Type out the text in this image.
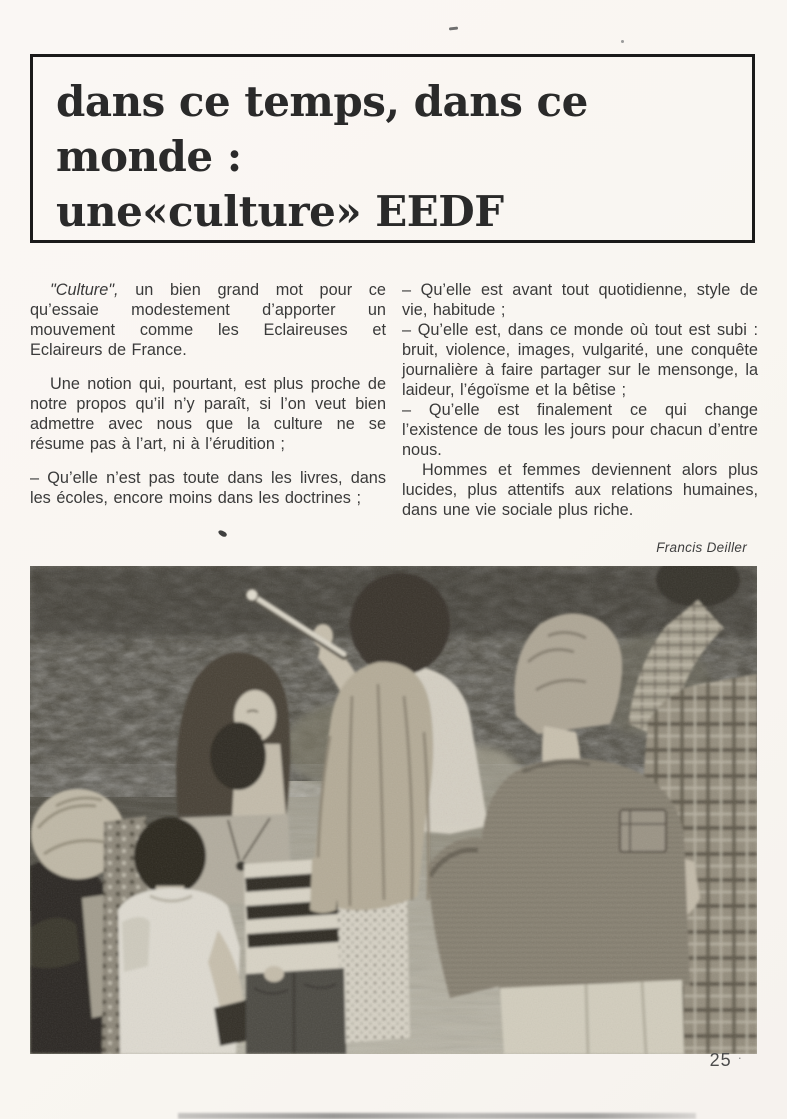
dans ce temps, dans ce monde :
une«culture» EEDF

"Culture", un bien grand mot pour ce qu’essaie modestement d’apporter un mouvement comme les Eclaireuses et Eclaireurs de France.

Une notion qui, pourtant, est plus proche de notre propos qu’il n’y paraît, si l’on veut bien admettre avec nous que la culture ne se résume pas à l’art, ni à l’érudition ;

– Qu’elle n’est pas toute dans les livres, dans les écoles, encore moins dans les doctrines ;

– Qu’elle est avant tout quotidienne, style de vie, habitude ;

– Qu’elle est, dans ce monde où tout est subi : bruit, violence, images, vulgarité, une conquête journalière à faire partager sur le mensonge, la laideur, l’égoïsme et la bêtise ;

– Qu’elle est finalement ce qui change l’existence de tous les jours pour chacun d’entre nous.

Hommes et femmes deviennent alors plus lucides, plus attentifs aux relations humaines, dans une vie sociale plus riche.

Francis Deiller
25 ·
